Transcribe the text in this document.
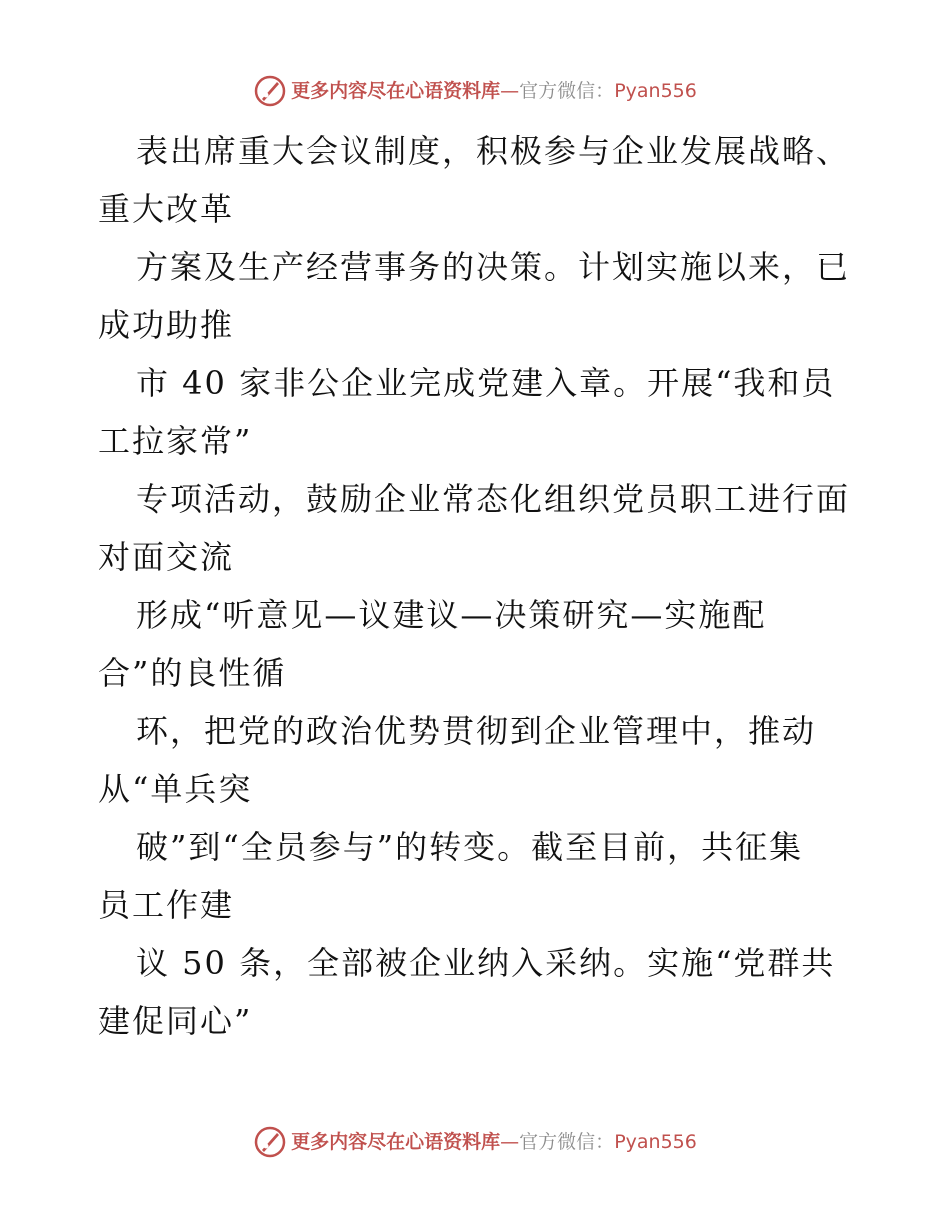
更多内容尽在心语资料库 — 官方微信： Pyan556
表出席重大会议制度，积极参与企业发展战略、
重大改革
方案及生产经营事务的决策。计划实施以来，已
成功助推
市 40 家非公企业完成党建入章。开展“我和员
工拉家常”
专项活动，鼓励企业常态化组织党员职工进行面
对面交流
形成“听意见—议建议—决策研究—实施配
合”的良性循
环，把党的政治优势贯彻到企业管理中，推动
从“单兵突
破”到“全员参与”的转变。截至目前，共征集
员工作建
议 50 条，全部被企业纳入采纳。实施“党群共
建促同心”
更多内容尽在心语资料库 — 官方微信： Pyan556
